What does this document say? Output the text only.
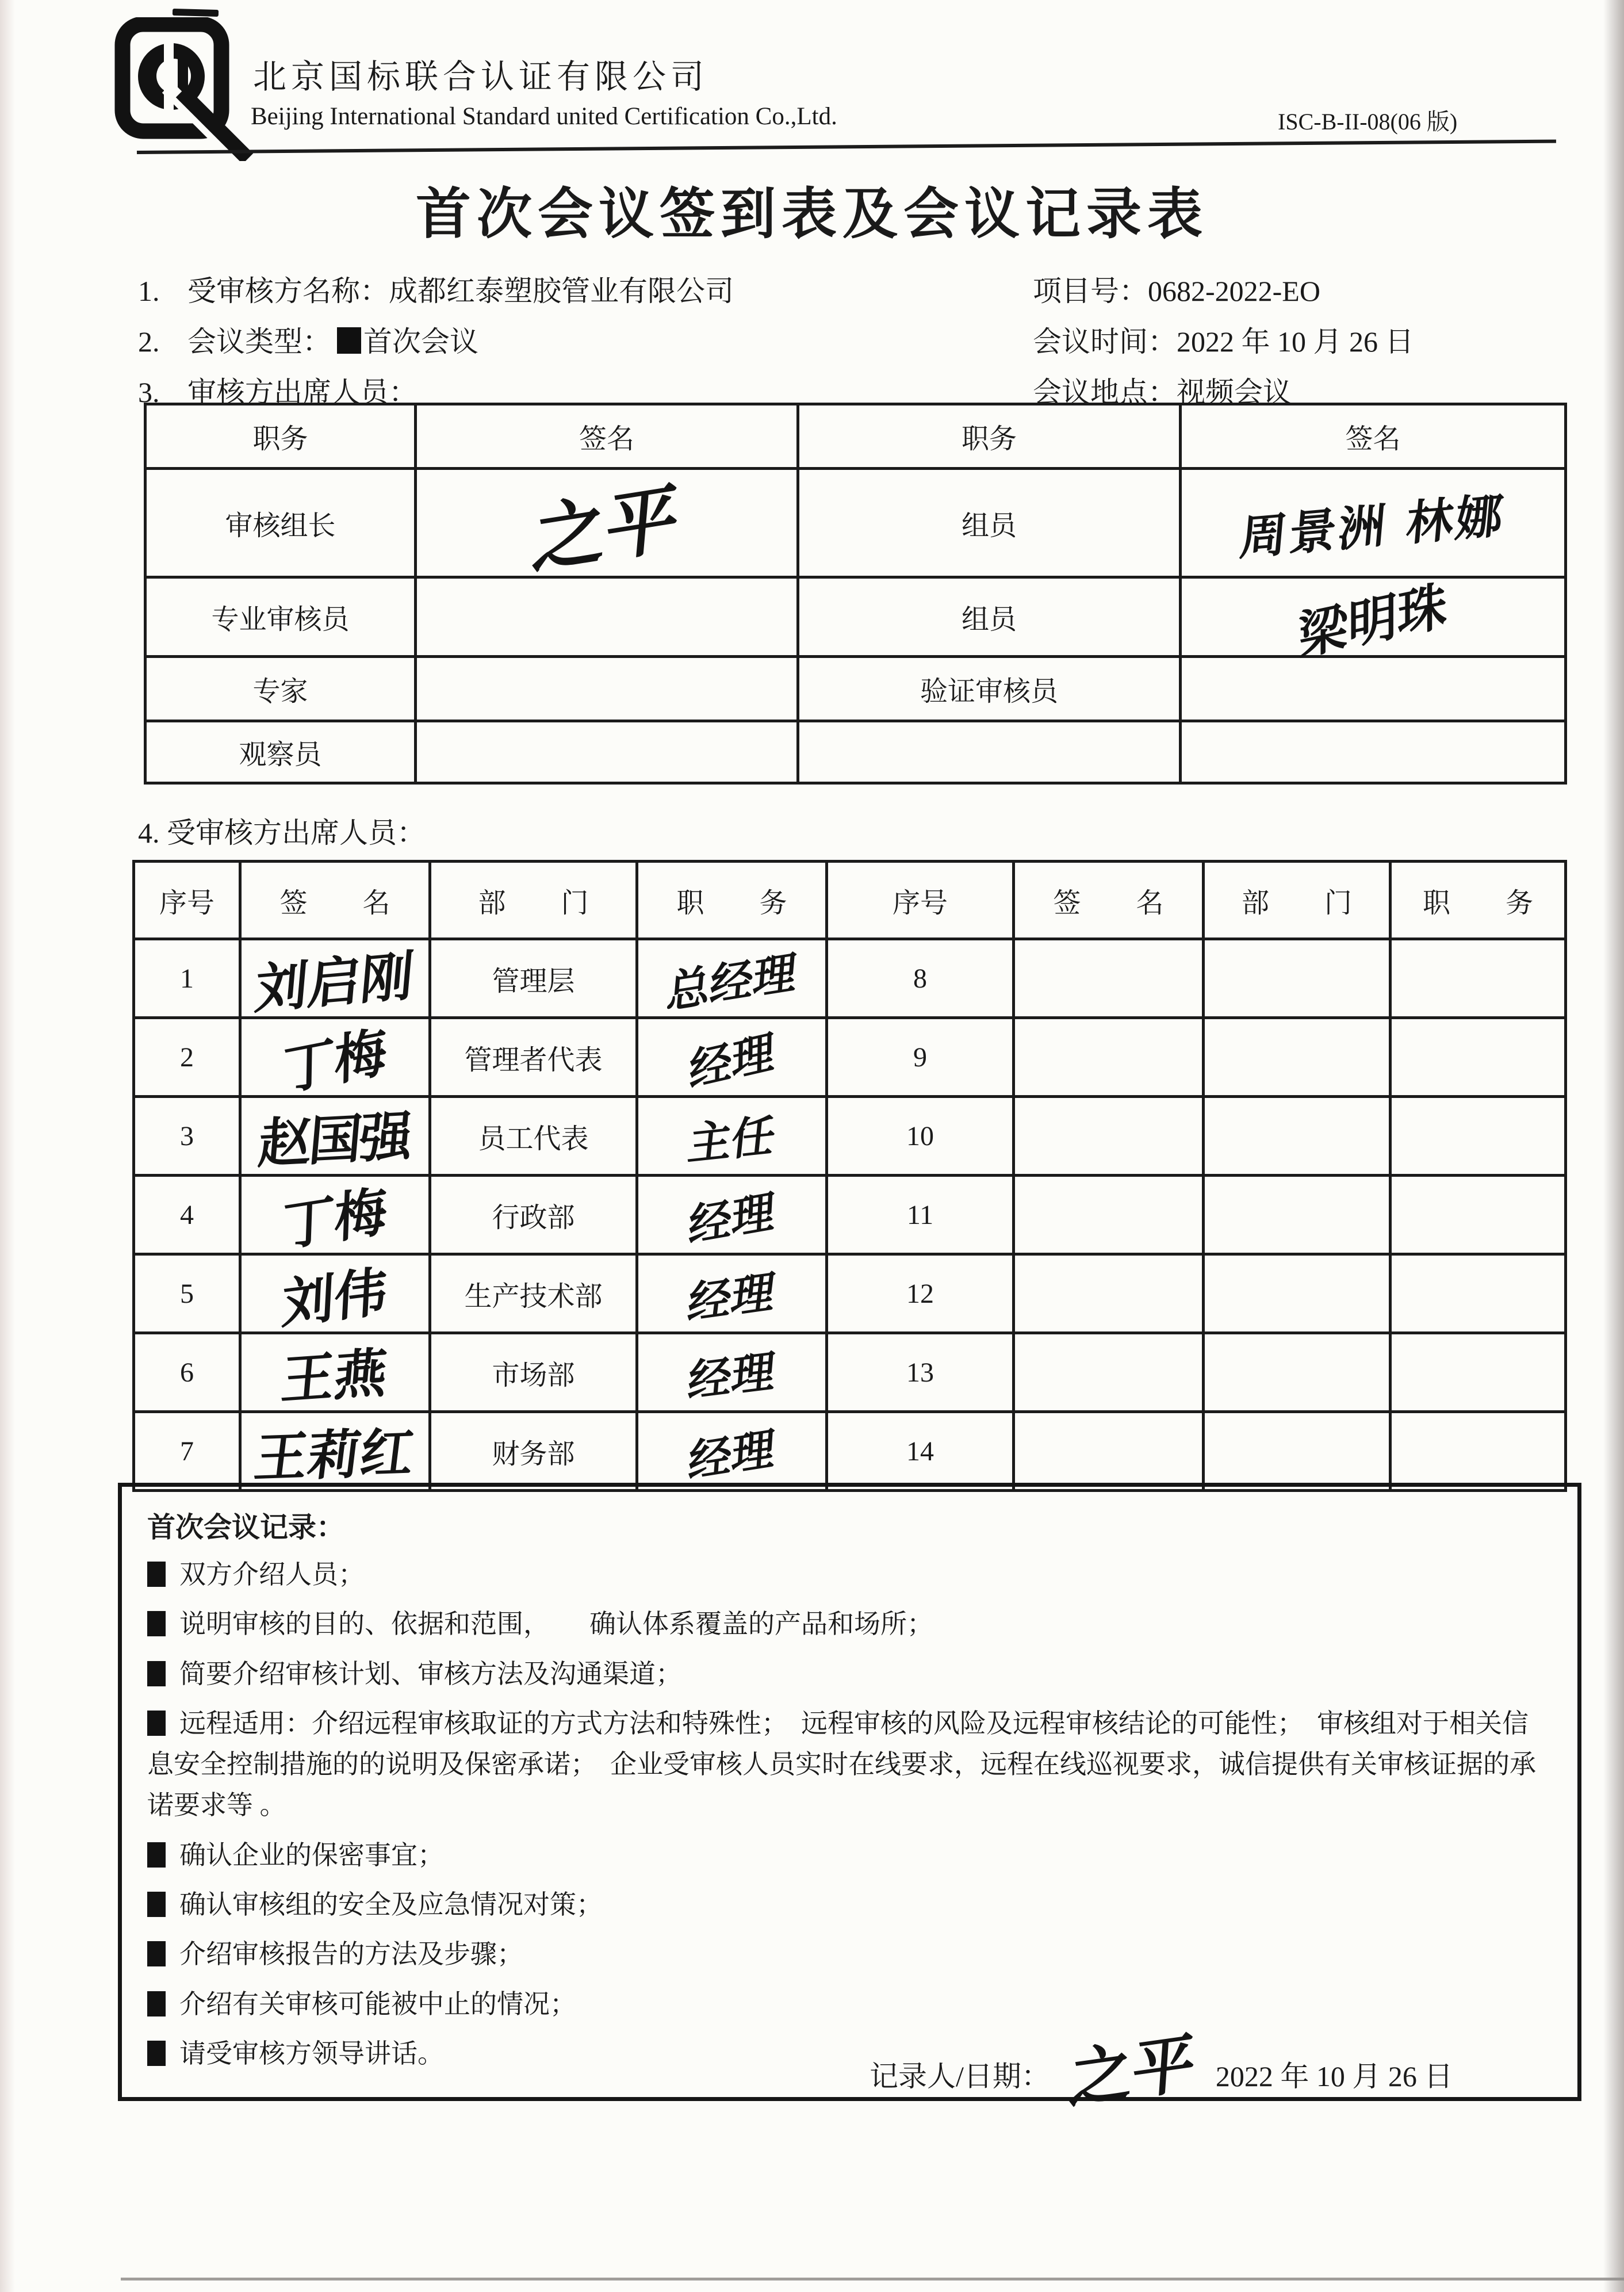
北京国标联合认证有限公司
Beijing International Standard united Certification Co.,Ltd.	ISC-B-II-08(06 版)
首次会议签到表及会议记录表
1. 受审核方名称：成都红泰塑胶管业有限公司	项目号：0682-2022-EO
2. 会议类型： 首次会议	会议时间：2022 年 10 月 26 日
3. 审核方出席人员：	会议地点：视频会议
职务	签名	职务	签名
审核组长	之平	组员	周景洲 林娜
专业审核员		组员	梁明珠
专家		验证审核员	
观察员			
4. 受审核方出席人员：
序号	签　　名	部　　门	职　　务	序号	签　　名	部　　门	职　　务
1	刘启刚	管理层	总经理	8			
2	丁梅	管理者代表	经理	9			
3	赵国强	员工代表	主任	10			
4	丁梅	行政部	经理	11			
5	刘伟	生产技术部	经理	12			
6	王燕	市场部	经理	13			
7	王莉红	财务部	经理	14			

首次会议记录：

双方介绍人员；

说明审核的目的、依据和范围，　　确认体系覆盖的产品和场所；

简要介绍审核计划、审核方法及沟通渠道；

远程适用：介绍远程审核取证的方式方法和特殊性；　远程审核的风险及远程审核结论的可能性；　审核组对于相关信息安全控制措施的的说明及保密承诺；　企业受审核人员实时在线要求，远程在线巡视要求，诚信提供有关审核证据的承诺要求等 。

确认企业的保密事宜；

确认审核组的安全及应急情况对策；

介绍审核报告的方法及步骤；

介绍有关审核可能被中止的情况；

请受审核方领导讲话。

记录人/日期： 之平 2022 年 10 月 26 日
